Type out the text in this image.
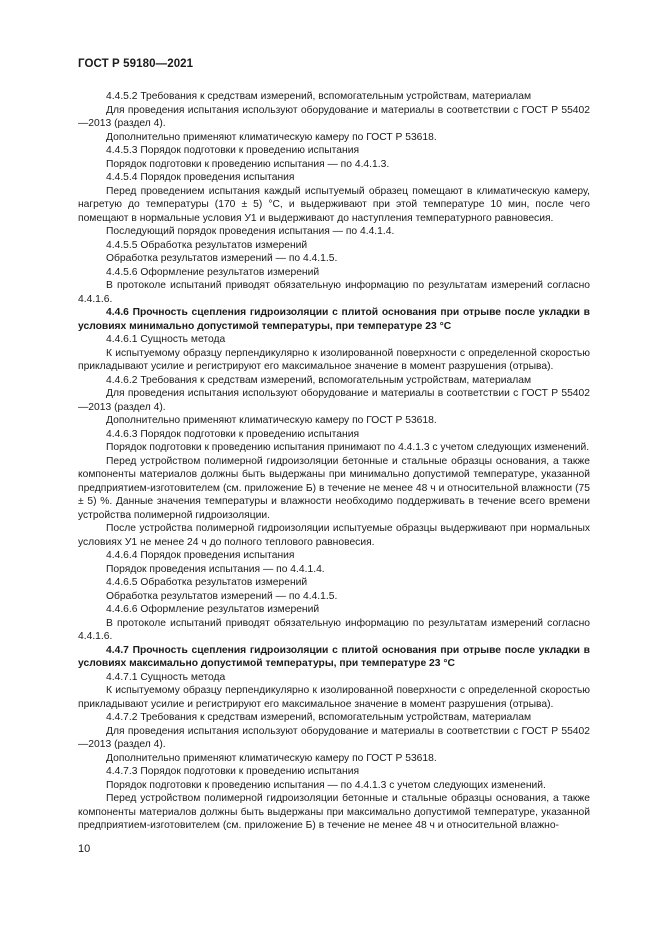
ГОСТ Р 59180—2021

4.4.5.2 Требования к средствам измерений, вспомогательным устройствам, материалам

Для проведения испытания используют оборудование и материалы в соответствии с ГОСТ Р 55402—2013 (раздел 4).

Дополнительно применяют климатическую камеру по ГОСТ Р 53618.

4.4.5.3 Порядок подготовки к проведению испытания

Порядок подготовки к проведению испытания — по 4.4.1.3.

4.4.5.4 Порядок проведения испытания

Перед проведением испытания каждый испытуемый образец помещают в климатическую камеру, нагретую до температуры (170 ± 5) °С, и выдерживают при этой температуре 10 мин, после чего помещают в нормальные условия У1 и выдерживают до наступления температурного равновесия.

Последующий порядок проведения испытания — по 4.4.1.4.

4.4.5.5 Обработка результатов измерений

Обработка результатов измерений — по 4.4.1.5.

4.4.5.6 Оформление результатов измерений

В протоколе испытаний приводят обязательную информацию по результатам измерений согласно 4.4.1.6.

4.4.6 Прочность сцепления гидроизоляции с плитой основания при отрыве после укладки в условиях минимально допустимой температуры, при температуре 23 °С

4.4.6.1 Сущность метода

К испытуемому образцу перпендикулярно к изолированной поверхности с определенной скоростью прикладывают усилие и регистрируют его максимальное значение в момент разрушения (отрыва).

4.4.6.2 Требования к средствам измерений, вспомогательным устройствам, материалам

Для проведения испытания используют оборудование и материалы в соответствии с ГОСТ Р 55402—2013 (раздел 4).

Дополнительно применяют климатическую камеру по ГОСТ Р 53618.

4.4.6.3 Порядок подготовки к проведению испытания

Порядок подготовки к проведению испытания принимают по 4.4.1.3 с учетом следующих изменений.

Перед устройством полимерной гидроизоляции бетонные и стальные образцы основания, а также компоненты материалов должны быть выдержаны при минимально допустимой температуре, указанной предприятием-изготовителем (см. приложение Б) в течение не менее 48 ч и относительной влажности (75 ± 5) %. Данные значения температуры и влажности необходимо поддерживать в течение всего времени устройства полимерной гидроизоляции.

После устройства полимерной гидроизоляции испытуемые образцы выдерживают при нормальных условиях У1 не менее 24 ч до полного теплового равновесия.

4.4.6.4 Порядок проведения испытания

Порядок проведения испытания — по 4.4.1.4.

4.4.6.5 Обработка результатов измерений

Обработка результатов измерений — по 4.4.1.5.

4.4.6.6 Оформление результатов измерений

В протоколе испытаний приводят обязательную информацию по результатам измерений согласно 4.4.1.6.

4.4.7 Прочность сцепления гидроизоляции с плитой основания при отрыве после укладки в условиях максимально допустимой температуры, при температуре 23 °С

4.4.7.1 Сущность метода

К испытуемому образцу перпендикулярно к изолированной поверхности с определенной скоростью прикладывают усилие и регистрируют его максимальное значение в момент разрушения (отрыва).

4.4.7.2 Требования к средствам измерений, вспомогательным устройствам, материалам

Для проведения испытания используют оборудование и материалы в соответствии с ГОСТ Р 55402—2013 (раздел 4).

Дополнительно применяют климатическую камеру по ГОСТ Р 53618.

4.4.7.3 Порядок подготовки к проведению испытания

Порядок подготовки к проведению испытания — по 4.4.1.3 с учетом следующих изменений.

Перед устройством полимерной гидроизоляции бетонные и стальные образцы основания, а также компоненты материалов должны быть выдержаны при максимально допустимой температуре, указанной предприятием-изготовителем (см. приложение Б) в течение не менее 48 ч и относительной влажно-

10
